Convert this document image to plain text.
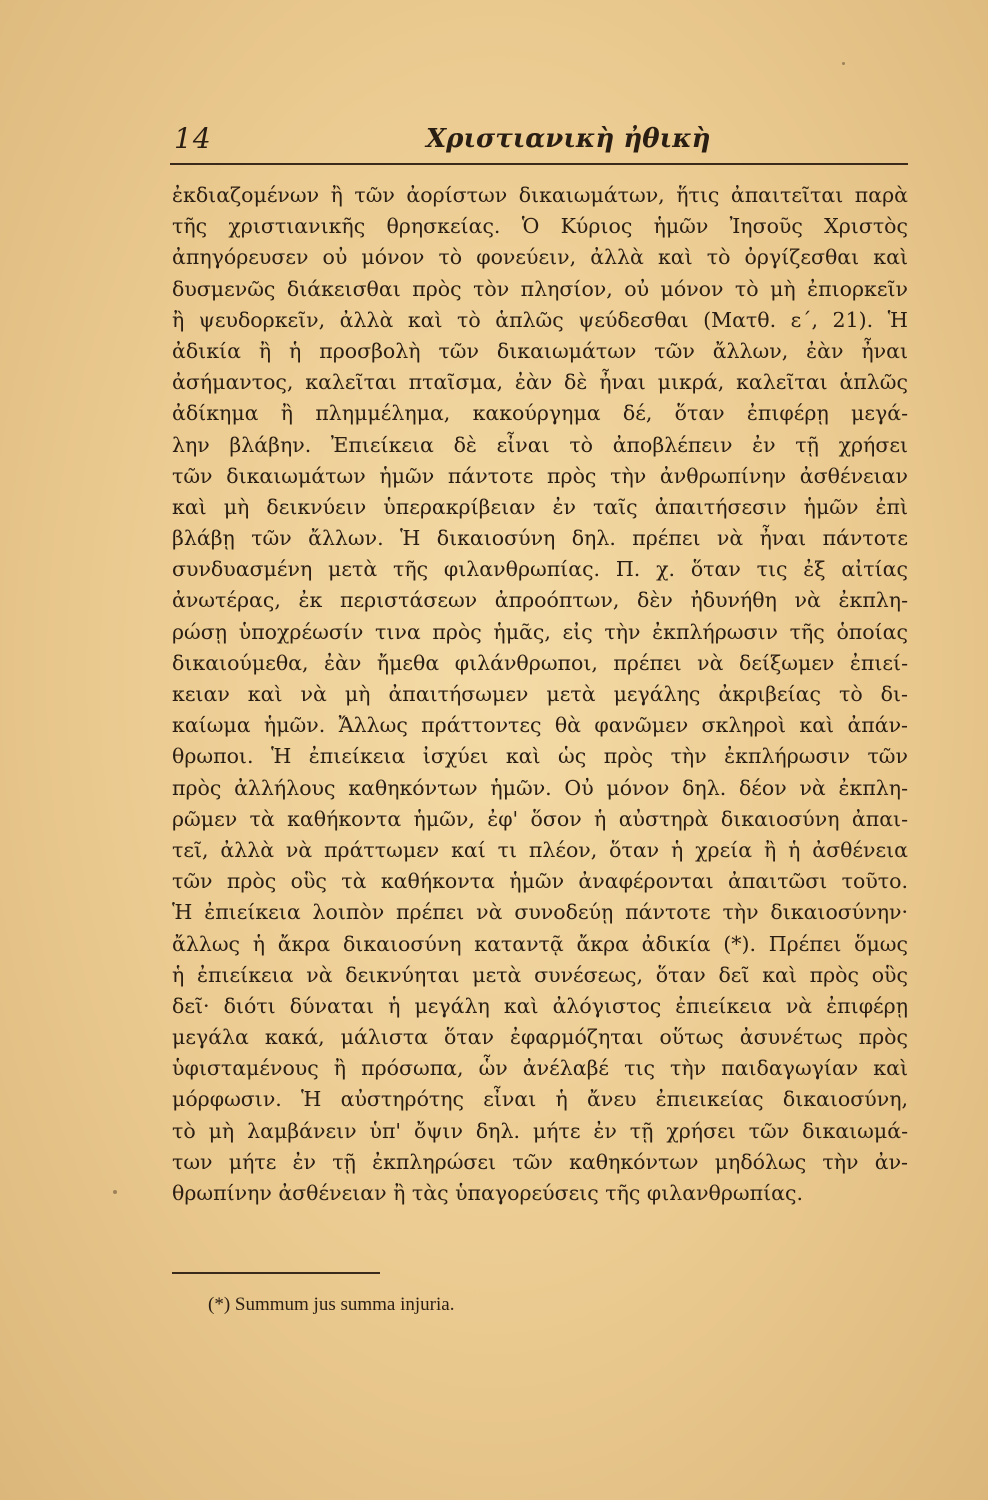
14	Χριστιανικὴ ἠθικὴ
ἐκδιαζομένων ἢ τῶν ἀορίστων δικαιωμάτων, ἥτις ἀπαιτεῖται παρὰ
τῆς χριστιανικῆς θρησκείας. Ὁ Κύριος ἡμῶν Ἰησοῦς Χριστὸς
ἀπηγόρευσεν οὐ μόνον τὸ φονεύειν, ἀλλὰ καὶ τὸ ὀργίζεσθαι καὶ
δυσμενῶς διάκεισθαι πρὸς τὸν πλησίον, οὐ μόνον τὸ μὴ ἐπιορκεῖν
ἢ ψευδορκεῖν, ἀλλὰ καὶ τὸ ἁπλῶς ψεύδεσθαι (Ματθ. ε΄, 21). Ἡ
ἀδικία ἢ ἡ προσβολὴ τῶν δικαιωμάτων τῶν ἄλλων, ἐὰν ἦναι
ἀσήμαντος, καλεῖται πταῖσμα, ἐὰν δὲ ἦναι μικρά, καλεῖται ἁπλῶς
ἀδίκημα ἢ πλημμέλημα, κακούργημα δέ, ὅταν ἐπιφέρῃ μεγά-
λην βλάβην. Ἐπιείκεια δὲ εἶναι τὸ ἀποβλέπειν ἐν τῇ χρήσει
τῶν δικαιωμάτων ἡμῶν πάντοτε πρὸς τὴν ἀνθρωπίνην ἀσθένειαν
καὶ μὴ δεικνύειν ὑπερακρίβειαν ἐν ταῖς ἀπαιτήσεσιν ἡμῶν ἐπὶ
βλάβῃ τῶν ἄλλων. Ἡ δικαιοσύνη δηλ. πρέπει νὰ ἦναι πάντοτε
συνδυασμένη μετὰ τῆς φιλανθρωπίας. Π. χ. ὅταν τις ἐξ αἰτίας
ἀνωτέρας, ἐκ περιστάσεων ἀπροόπτων, δὲν ἠδυνήθη νὰ ἐκπλη-
ρώσῃ ὑποχρέωσίν τινα πρὸς ἡμᾶς, εἰς τὴν ἐκπλήρωσιν τῆς ὁποίας
δικαιούμεθα, ἐὰν ἤμεθα φιλάνθρωποι, πρέπει νὰ δείξωμεν ἐπιεί-
κειαν καὶ νὰ μὴ ἀπαιτήσωμεν μετὰ μεγάλης ἀκριβείας τὸ δι-
καίωμα ἡμῶν. Ἄλλως πράττοντες θὰ φανῶμεν σκληροὶ καὶ ἀπάν-
θρωποι. Ἡ ἐπιείκεια ἰσχύει καὶ ὡς πρὸς τὴν ἐκπλήρωσιν τῶν
πρὸς ἀλλήλους καθηκόντων ἡμῶν. Οὐ μόνον δηλ. δέον νὰ ἐκπλη-
ρῶμεν τὰ καθήκοντα ἡμῶν, ἐφ' ὅσον ἡ αὐστηρὰ δικαιοσύνη ἀπαι-
τεῖ, ἀλλὰ νὰ πράττωμεν καί τι πλέον, ὅταν ἡ χρεία ἢ ἡ ἀσθένεια
τῶν πρὸς οὓς τὰ καθήκοντα ἡμῶν ἀναφέρονται ἀπαιτῶσι τοῦτο.
Ἡ ἐπιείκεια λοιπὸν πρέπει νὰ συνοδεύῃ πάντοτε τὴν δικαιοσύνην·
ἄλλως ἡ ἄκρα δικαιοσύνη καταντᾷ ἄκρα ἀδικία (*). Πρέπει ὅμως
ἡ ἐπιείκεια νὰ δεικνύηται μετὰ συνέσεως, ὅταν δεῖ καὶ πρὸς οὓς
δεῖ· διότι δύναται ἡ μεγάλη καὶ ἀλόγιστος ἐπιείκεια νὰ ἐπιφέρῃ
μεγάλα κακά, μάλιστα ὅταν ἐφαρμόζηται οὕτως ἀσυνέτως πρὸς
ὑφισταμένους ἢ πρόσωπα, ὧν ἀνέλαβέ τις τὴν παιδαγωγίαν καὶ
μόρφωσιν. Ἡ αὐστηρότης εἶναι ἡ ἄνευ ἐπιεικείας δικαιοσύνη,
τὸ μὴ λαμβάνειν ὑπ' ὄψιν δηλ. μήτε ἐν τῇ χρήσει τῶν δικαιωμά-
των μήτε ἐν τῇ ἐκπληρώσει τῶν καθηκόντων μηδόλως τὴν ἀν-
θρωπίνην ἀσθένειαν ἢ τὰς ὑπαγορεύσεις τῆς φιλανθρωπίας.
(*) Summum jus summa injuria.
